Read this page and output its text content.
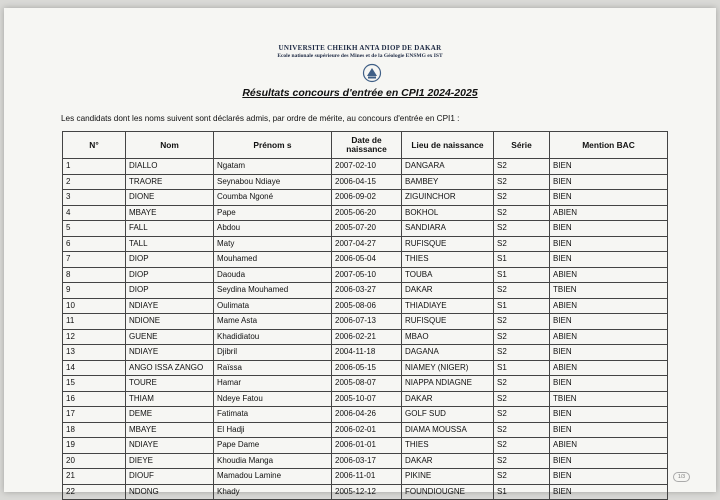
UNIVERSITE CHEIKH ANTA DIOP DE DAKAR
Ecole nationale supérieure des Mines et de la Géologie ENSMG ex IST
Résultats concours d'entrée en CPI1 2024-2025
Les candidats dont les noms suivent sont déclarés admis, par ordre de mérite, au concours d'entrée en CPI1 :
N°	Nom	Prénom s	Date de naissance	Lieu de naissance	Série	Mention BAC
1	DIALLO	Ngatam	2007-02-10	DANGARA	S2	BIEN
2	TRAORE	Seynabou Ndiaye	2006-04-15	BAMBEY	S2	BIEN
3	DIONE	Coumba Ngoné	2006-09-02	ZIGUINCHOR	S2	BIEN
4	MBAYE	Pape	2005-06-20	BOKHOL	S2	ABIEN
5	FALL	Abdou	2005-07-20	SANDIARA	S2	BIEN
6	TALL	Maty	2007-04-27	RUFISQUE	S2	BIEN
7	DIOP	Mouhamed	2006-05-04	THIES	S1	BIEN
8	DIOP	Daouda	2007-05-10	TOUBA	S1	ABIEN
9	DIOP	Seydina Mouhamed	2006-03-27	DAKAR	S2	TBIEN
10	NDIAYE	Oulimata	2005-08-06	THIADIAYE	S1	ABIEN
11	NDIONE	Mame Asta	2006-07-13	RUFISQUE	S2	BIEN
12	GUENE	Khadidiatou	2006-02-21	MBAO	S2	ABIEN
13	NDIAYE	Djibril	2004-11-18	DAGANA	S2	BIEN
14	ANGO ISSA ZANGO	Raïssa	2006-05-15	NIAMEY (NIGER)	S1	ABIEN
15	TOURE	Hamar	2005-08-07	NIAPPA NDIAGNE	S2	BIEN
16	THIAM	Ndeye Fatou	2005-10-07	DAKAR	S2	TBIEN
17	DEME	Fatimata	2006-04-26	GOLF SUD	S2	BIEN
18	MBAYE	El Hadji	2006-02-01	DIAMA MOUSSA	S2	BIEN
19	NDIAYE	Pape Dame	2006-01-01	THIES	S2	ABIEN
20	DIEYE	Khoudia Manga	2006-03-17	DAKAR	S2	BIEN
21	DIOUF	Mamadou Lamine	2006-11-01	PIKINE	S2	BIEN
22	NDONG	Khady	2005-12-12	FOUNDIOUGNE	S1	BIEN
1/3
